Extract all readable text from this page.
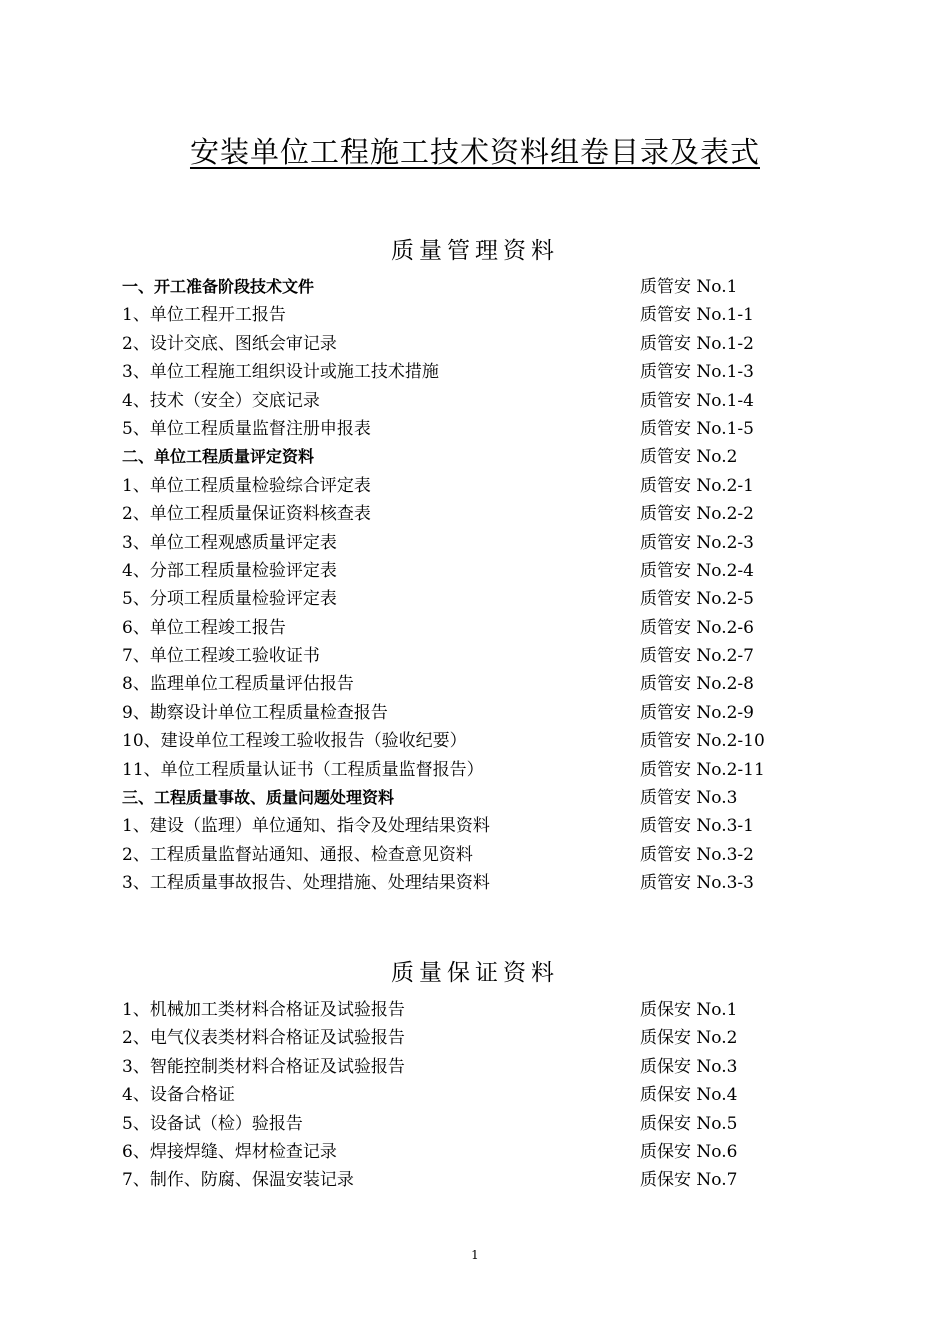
安装单位工程施工技术资料组卷目录及表式
质量管理资料
一、开工准备阶段技术文件	质管安 No.1
1、单位工程开工报告	质管安 No.1-1
2、设计交底、图纸会审记录	质管安 No.1-2
3、单位工程施工组织设计或施工技术措施	质管安 No.1-3
4、技术（安全）交底记录	质管安 No.1-4
5、单位工程质量监督注册申报表	质管安 No.1-5
二、单位工程质量评定资料	质管安 No.2
1、单位工程质量检验综合评定表	质管安 No.2-1
2、单位工程质量保证资料核查表	质管安 No.2-2
3、单位工程观感质量评定表	质管安 No.2-3
4、分部工程质量检验评定表	质管安 No.2-4
5、分项工程质量检验评定表	质管安 No.2-5
6、单位工程竣工报告	质管安 No.2-6
7、单位工程竣工验收证书	质管安 No.2-7
8、监理单位工程质量评估报告	质管安 No.2-8
9、勘察设计单位工程质量检查报告	质管安 No.2-9
10、建设单位工程竣工验收报告（验收纪要）	质管安 No.2-10
11、单位工程质量认证书（工程质量监督报告）	质管安 No.2-11
三、工程质量事故、质量问题处理资料	质管安 No.3
1、建设（监理）单位通知、指令及处理结果资料	质管安 No.3-1
2、工程质量监督站通知、通报、检查意见资料	质管安 No.3-2
3、工程质量事故报告、处理措施、处理结果资料	质管安 No.3-3
质量保证资料
1、机械加工类材料合格证及试验报告	质保安 No.1
2、电气仪表类材料合格证及试验报告	质保安 No.2
3、智能控制类材料合格证及试验报告	质保安 No.3
4、设备合格证	质保安 No.4
5、设备试（检）验报告	质保安 No.5
6、焊接焊缝、焊材检查记录	质保安 No.6
7、制作、防腐、保温安装记录	质保安 No.7
1
